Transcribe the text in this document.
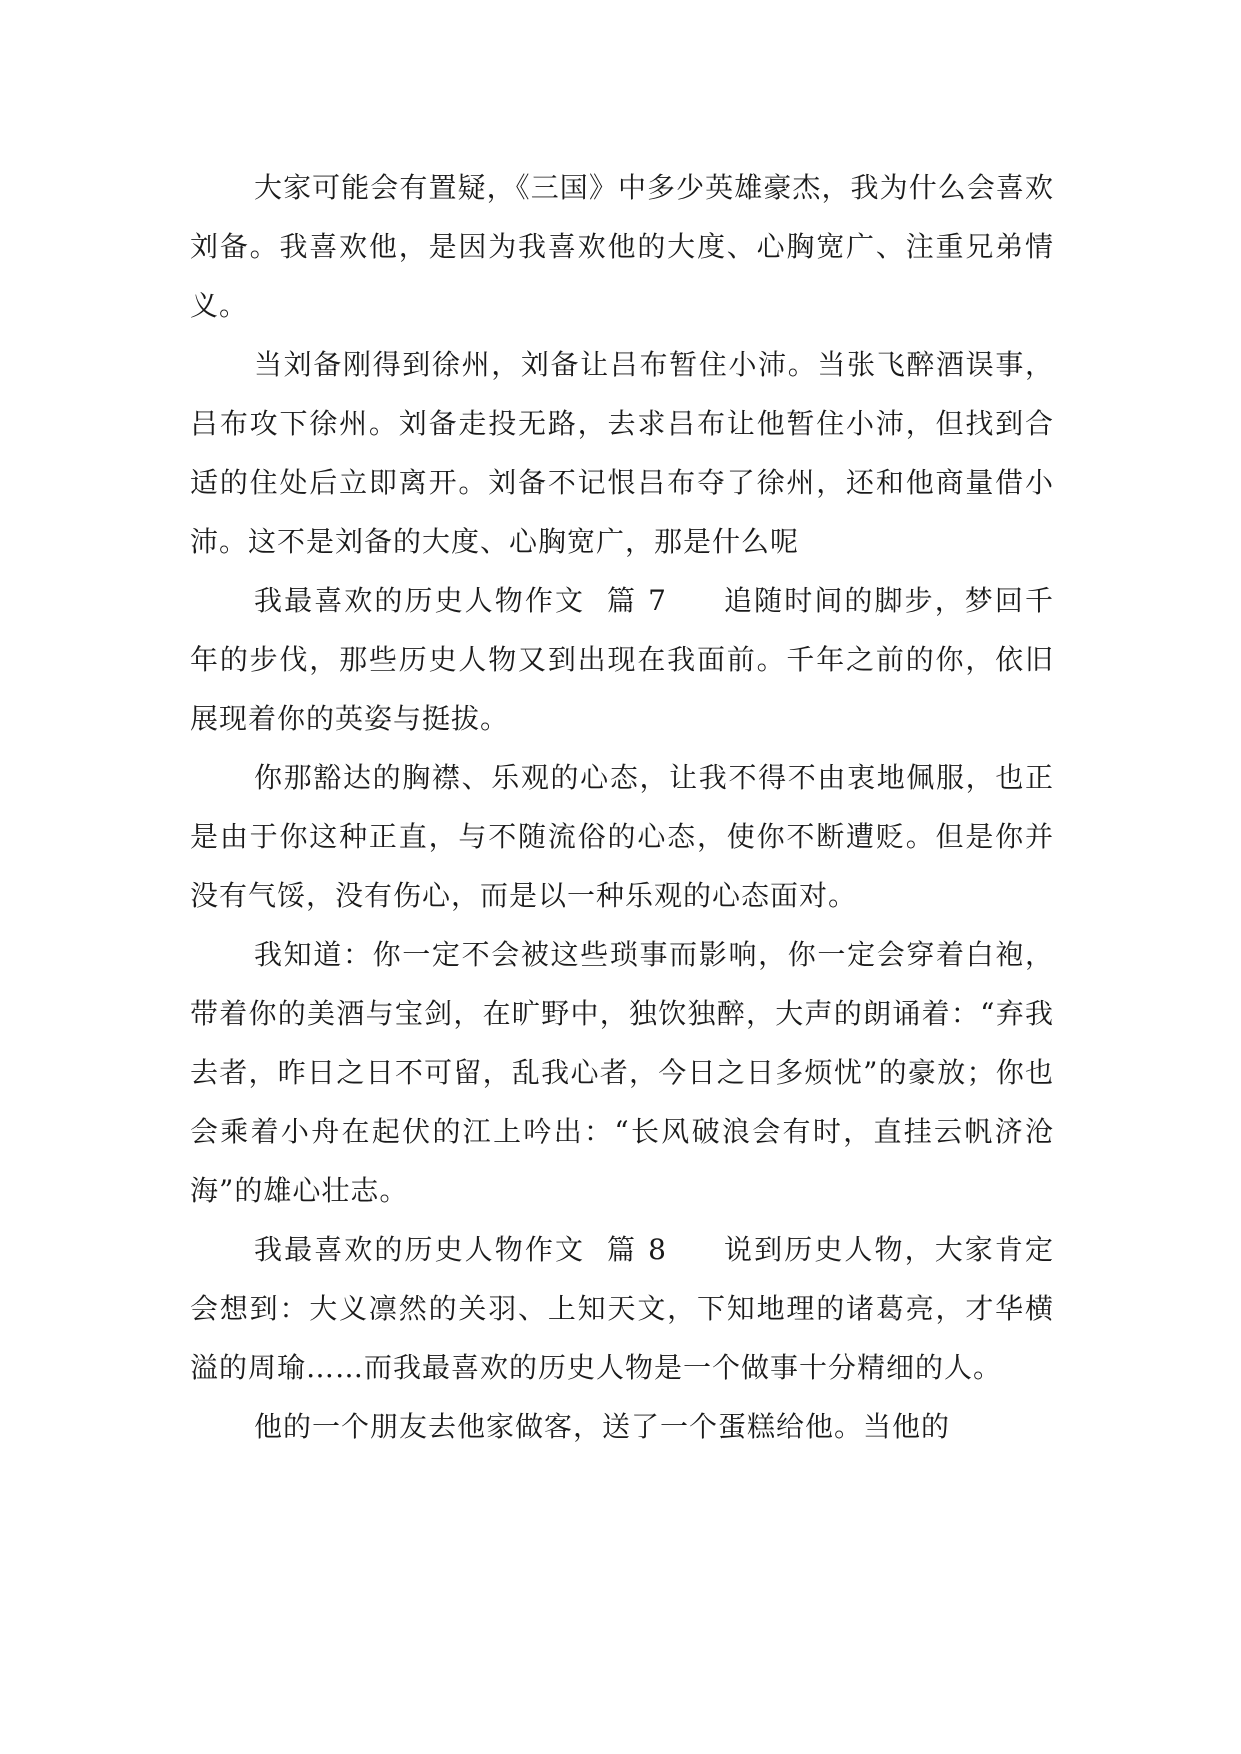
大家可能会有置疑，《三国》中多少英雄豪杰，我为什么会喜欢刘备。我喜欢他，是因为我喜欢他的大度、心胸宽广、注重兄弟情义。

当刘备刚得到徐州，刘备让吕布暂住小沛。当张飞醉酒误事，吕布攻下徐州。刘备走投无路，去求吕布让他暂住小沛，但找到合适的住处后立即离开。刘备不记恨吕布夺了徐州，还和他商量借小沛。这不是刘备的大度、心胸宽广，那是什么呢

我最喜欢的历史人物作文  篇 7 追随时间的脚步，梦回千年的步伐，那些历史人物又到出现在我面前。千年之前的你，依旧展现着你的英姿与挺拔。

你那豁达的胸襟、乐观的心态，让我不得不由衷地佩服，也正是由于你这种正直，与不随流俗的心态，使你不断遭贬。但是你并没有气馁，没有伤心，而是以一种乐观的心态面对。

我知道：你一定不会被这些琐事而影响，你一定会穿着白袍，带着你的美酒与宝剑，在旷野中，独饮独醉，大声的朗诵着：“弃我去者，昨日之日不可留，乱我心者，今日之日多烦忧”的豪放；你也会乘着小舟在起伏的江上吟出：“长风破浪会有时，直挂云帆济沧海”的雄心壮志。

我最喜欢的历史人物作文  篇 8 说到历史人物，大家肯定会想到：大义凛然的关羽、上知天文，下知地理的诸葛亮，才华横溢的周瑜……而我最喜欢的历史人物是一个做事十分精细的人。

他的一个朋友去他家做客，送了一个蛋糕给他。当他的
